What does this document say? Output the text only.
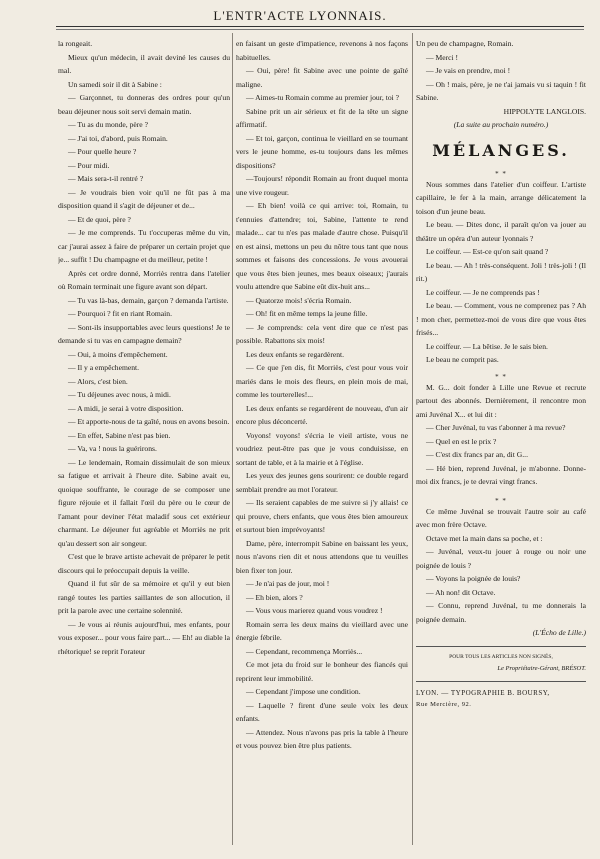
L'ENTR'ACTE LYONNAIS.

la rongeait.

Mieux qu'un médecin, il avait deviné les causes du mal.

Un samedi soir il dit à Sabine :

— Garçonnet, tu donneras des ordres pour qu'un beau déjeuner nous soit servi demain matin.

— Tu as du monde, père ?

— J'ai toi, d'abord, puis Romain.

— Pour quelle heure ?

— Pour midi.

— Mais sera-t-il rentré ?

— Je voudrais bien voir qu'il ne fût pas à ma disposition quand il s'agit de déjeuner et de...

— Et de quoi, père ?

— Je me comprends. Tu t'occuperas même du vin, car j'aurai assez à faire de préparer un certain projet que je... suffit ! Du champagne et du meilleur, petite !

Après cet ordre donné, Morriès rentra dans l'atelier où Romain terminait une figure avant son départ.

— Tu vas là-bas, demain, garçon ? demanda l'artiste.

— Pourquoi ? fit en riant Romain.

— Sont-ils insupportables avec leurs questions! Je te demande si tu vas en campagne demain?

— Oui, à moins d'empêchement.

— Il y a empêchement.

— Alors, c'est bien.

— Tu déjeunes avec nous, à midi.

— A midi, je serai à votre disposition.

— Et apporte-nous de ta gaîté, nous en avons besoin.

— En effet, Sabine n'est pas bien.

— Va, va ! nous la guérirons.

— Le lendemain, Romain dissimulait de son mieux sa fatigue et arrivait à l'heure dite. Sabine avait eu, quoique souffrante, le courage de se composer une figure réjouie et il fallait l'œil du père ou le cœur de l'amant pour deviner l'état maladif sous cet extérieur charmant. Le déjeuner fut agréable et Morriès ne prit qu'au dessert son air songeur.

C'est que le brave artiste achevait de préparer le petit discours qui le préoccupait depuis la veille.

Quand il fut sûr de sa mémoire et qu'il y eut bien rangé toutes les parties saillantes de son allocution, il prit la parole avec une certaine solennité.

— Je vous ai réunis aujourd'hui, mes enfants, pour vous exposer... pour vous faire part... — Eh! au diable la rhétorique! se reprit l'orateur

en faisant un geste d'impatience, revenons à nos façons habituelles.

— Oui, père! fit Sabine avec une pointe de gaîté maligne.

— Aimes-tu Romain comme au premier jour, toi ?

Sabine prit un air sérieux et fit de la tête un signe affirmatif.

— Et toi, garçon, continua le vieillard en se tournant vers le jeune homme, es-tu toujours dans les mêmes dispositions?

—Toujours! répondit Romain au front duquel monta une vive rougeur.

— Eh bien! voilà ce qui arrive: toi, Romain, tu t'ennuies d'attendre; toi, Sabine, l'attente te rend malade... car tu n'es pas malade d'autre chose. Puisqu'il en est ainsi, mettons un peu du nôtre tous tant que nous sommes et faisons des concessions. Je vous avouerai que vous êtes bien jeunes, mes beaux oiseaux; j'aurais voulu attendre que Sabine eût dix-huit ans...

— Quatorze mois! s'écria Romain.

— Oh! fit en même temps la jeune fille.

— Je comprends: cela vent dire que ce n'est pas possible. Rabattons six mois!

Les deux enfants se regardèrent.

— Ce que j'en dis, fit Morriès, c'est pour vous voir mariés dans le mois des fleurs, en plein mois de mai, comme les tourterelles!...

Les deux enfants se regardèrent de nouveau, d'un air encore plus déconcerté.

Voyons! voyons! s'écria le vieil artiste, vous ne voudriez peut-être pas que je vous conduisisse, en sortant de table, et à la mairie et à l'église.

Les yeux des jeunes gens sourirent: ce double regard semblait prendre au mot l'orateur.

— Ils seraient capables de me suivre si j'y allais! ce qui prouve, chers enfants, que vous êtes bien amoureux et surtout bien imprévoyants!

Dame, père, interrompit Sabine en baissant les yeux, nous n'avons rien dit et nous attendons que tu veuilles bien fixer ton jour.

— Je n'ai pas de jour, moi !

— Eh bien, alors ?

— Vous vous marierez quand vous voudrez !

Romain serra les deux mains du vieillard avec une énergie fébrile.

— Cependant, recommença Morriès...

Ce mot jeta du froid sur le bonheur des fiancés qui reprirent leur immobilité.

— Cependant j'impose une condition.

— Laquelle ? firent d'une seule voix les deux enfants.

— Attendez. Nous n'avons pas pris la table à l'heure et vous pouvez bien être plus patients.

Un peu de champagne, Romain.

— Merci !

— Je vais en prendre, moi !

— Oh ! mais, père, je ne t'ai jamais vu si taquin ! fit Sabine.

HIPPOLYTE LANGLOIS.

(La suite au prochain numéro.)

MÉLANGES.
* *

Nous sommes dans l'atelier d'un coiffeur. L'artiste capillaire, le fer à la main, arrange délicatement la toison d'un jeune beau.

Le beau. — Dites donc, il paraît qu'on va jouer au théâtre un opéra d'un auteur lyonnais ?

Le coiffeur. — Est-ce qu'on sait quand ?

Le beau. — Ah ! très-conséquent. Joli ! très-joli ! (Il rit.)

Le coiffeur. — Je ne comprends pas !

Le beau. — Comment, vous ne comprenez pas ? Ah ! mon cher, permettez-moi de vous dire que vous êtes frisés...

Le coiffeur. — La bêtise. Je le sais bien.

Le beau ne comprit pas.

* *

M. G... doit fonder à Lille une Revue et recrute partout des abonnés. Dernièrement, il rencontre mon ami Juvénal X... et lui dit :

— Cher Juvénal, tu vas t'abonner à ma revue?

— Quel en est le prix ?

— C'est dix francs par an, dit G...

— Hé bien, reprend Juvénal, je m'abonne. Donne-moi dix francs, je te devrai vingt francs.

* *

Ce même Juvénal se trouvait l'autre soir au café avec mon frère Octave.

Octave met la main dans sa poche, et :

— Juvénal, veux-tu jouer à rouge ou noir une poignée de louis ?

— Voyons la poignée de louis?

— Ah non! dit Octave.

— Connu, reprend Juvénal, tu me donnerais la poignée demain.

(L'Écho de Lille.)

POUR TOUS LES ARTICLES NON SIGNÉS,

Le Propriétaire-Gérant, BRÉSOT.

LYON. — TYPOGRAPHIE B. BOURSY,

Rue Mercière, 92.
